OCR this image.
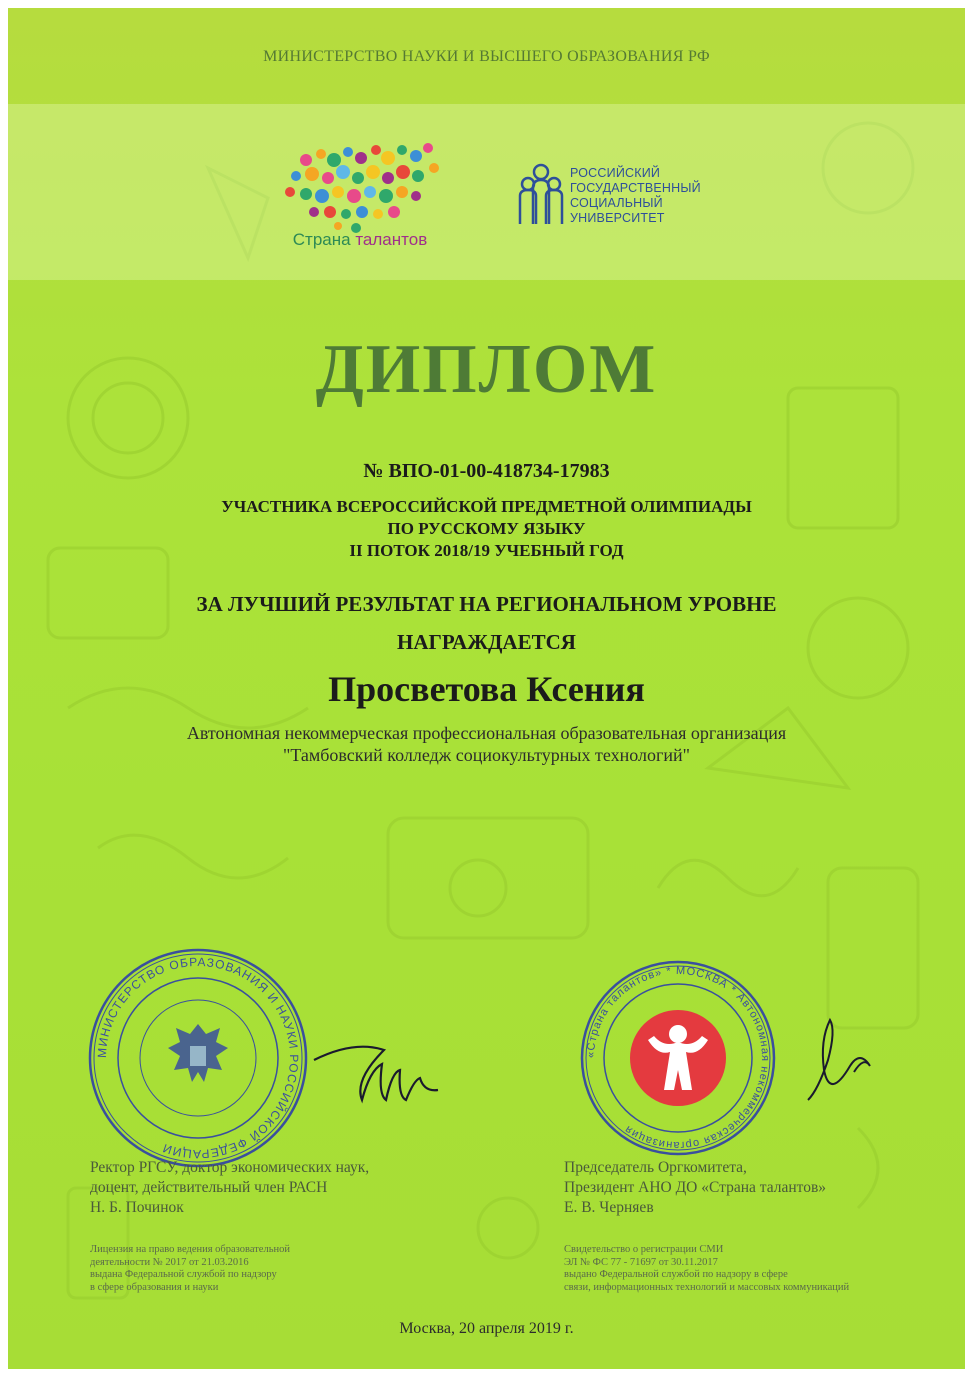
МИНИСТЕРСТВО НАУКИ И ВЫСШЕГО ОБРАЗОВАНИЯ РФ
Страна талантов
РОССИЙСКИЙ
ГОСУДАРСТВЕННЫЙ
СОЦИАЛЬНЫЙ
УНИВЕРСИТЕТ
ДИПЛОМ
№ ВПО-01-00-418734-17983
УЧАСТНИКА ВСЕРОССИЙСКОЙ ПРЕДМЕТНОЙ ОЛИМПИАДЫ
ПО РУССКОМУ ЯЗЫКУ
II ПОТОК 2018/19 УЧЕБНЫЙ ГОД
ЗА ЛУЧШИЙ РЕЗУЛЬТАТ НА РЕГИОНАЛЬНОМ УРОВНЕ
НАГРАЖДАЕТСЯ
Просветова Ксения
Автономная некоммерческая профессиональная образовательная организация
"Тамбовский колледж социокультурных технологий"
МИНИСТЕРСТВО ОБРАЗОВАНИЯ И НАУКИ РОССИЙСКОЙ ФЕДЕРАЦИИ
«Страна талантов» * МОСКВА * Автономная некоммерческая организация
Ректор РГСУ, доктор экономических наук,
доцент, действительный член РАСН
Н. Б. Починок
Председатель Оргкомитета,
Президент АНО ДО «Страна талантов»
Е. В. Черняев
Лицензия на право ведения образовательной
деятельности № 2017 от 21.03.2016
выдана Федеральной службой по надзору
в сфере образования и науки
Свидетельство о регистрации СМИ
ЭЛ № ФС 77 - 71697 от 30.11.2017
выдано Федеральной службой по надзору в сфере
связи, информационных технологий и массовых коммуникаций
Москва, 20 апреля 2019 г.
